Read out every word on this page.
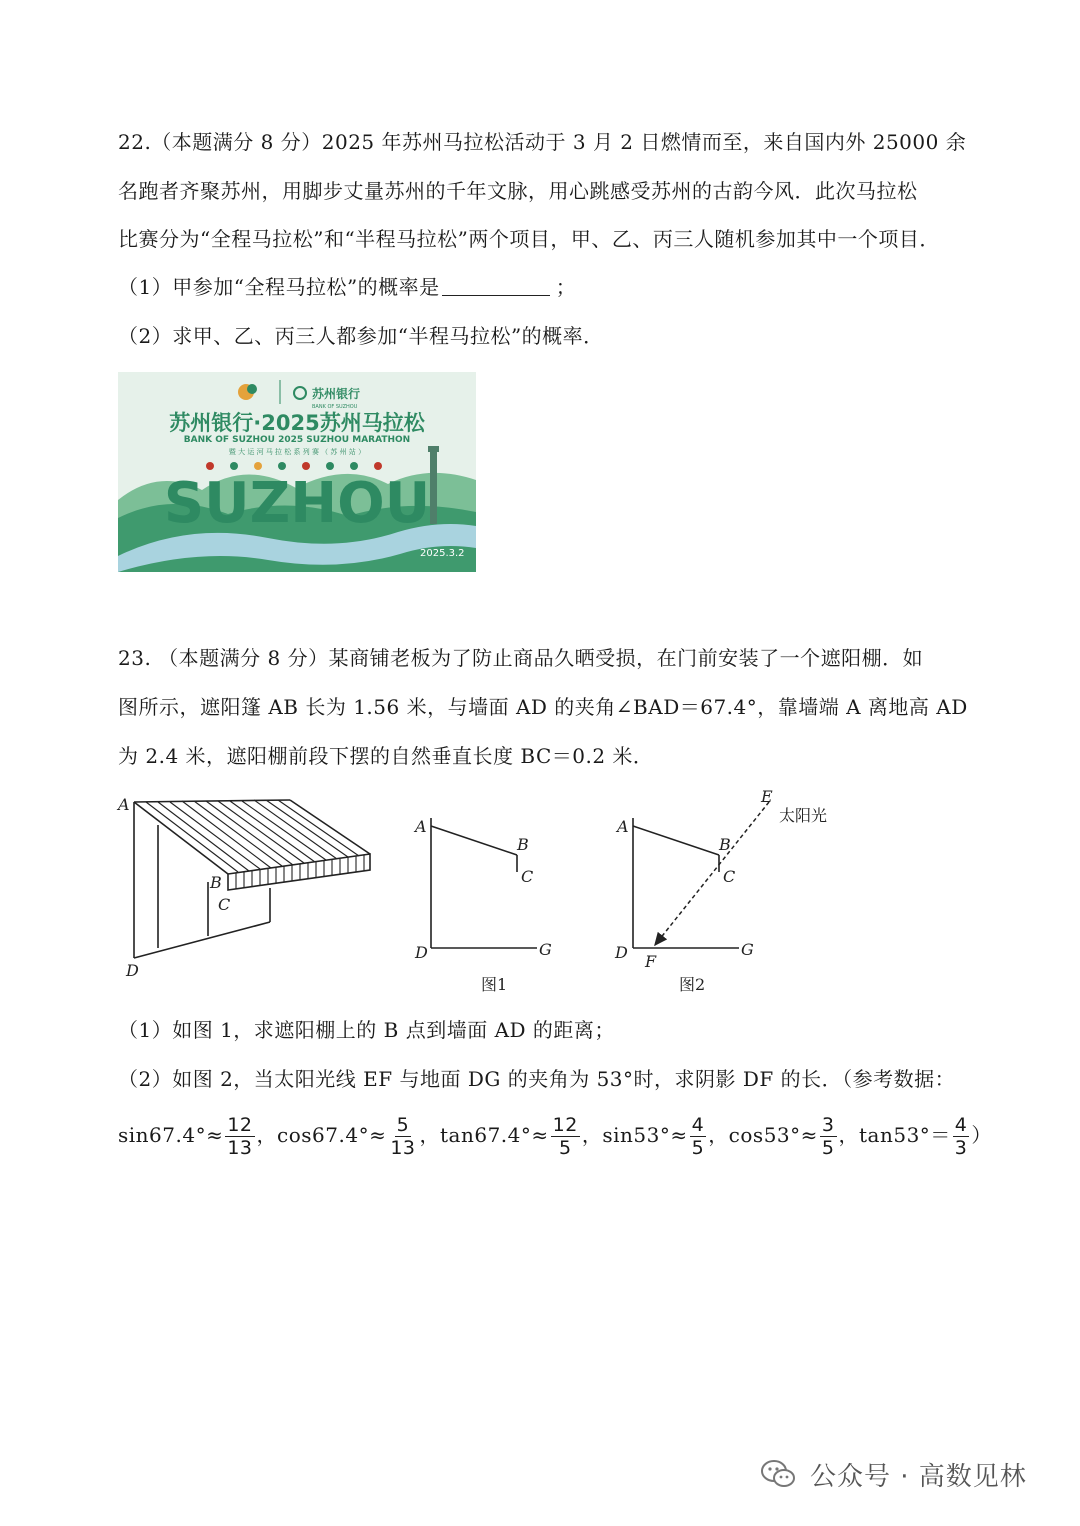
22.（本题满分 8 分）2025 年苏州马拉松活动于 3 月 2 日燃情而至，来自国内外 25000 余
名跑者齐聚苏州，用脚步丈量苏州的千年文脉，用心跳感受苏州的古韵今风．此次马拉松
比赛分为“全程马拉松”和“半程马拉松”两个项目，甲、乙、丙三人随机参加其中一个项目．
（1）甲参加“全程马拉松”的概率是	；
（2）求甲、乙、丙三人都参加“半程马拉松”的概率．
苏州银行
BANK OF SUZHOU
苏州银行·2025苏州马拉松
BANK OF SUZHOU 2025 SUZHOU MARATHON
暨 大 运 河 马 拉 松 系 列 赛 （ 苏 州 站 ）
SUZHOU
2025.3.2
23. （本题满分 8 分）某商铺老板为了防止商品久晒受损，在门前安装了一个遮阳棚．如
图所示，遮阳篷 AB 长为 1.56 米，与墙面 AD 的夹角∠BAD＝67.4°，靠墙端 A 离地高 AD
为 2.4 米，遮阳棚前段下摆的自然垂直长度 BC＝0.2 米．
A
B
C
D
A
B
C
D	G
图1
A
B
C
D F
G
E
太阳光
图2
（1）如图 1，求遮阳棚上的 B 点到墙面 AD 的距离；
（2）如图 2，当太阳光线 EF 与地面 DG 的夹角为 53°时，求阴影 DF 的长．（参考数据：
$\sin 67.4^\circ\approx \frac{12}{13}$ ，$\cos 67.4^\circ\approx \frac{5}{13}$ ，$\tan 67.4^\circ\approx \frac{12}{5}$ ，$\sin 53^\circ\approx \frac{4}{5}$ ，$\cos 53^\circ\approx \frac{3}{5}$ ，$\tan 53^\circ= \frac{4}{3}$ ）
公众号 · 高数见林
